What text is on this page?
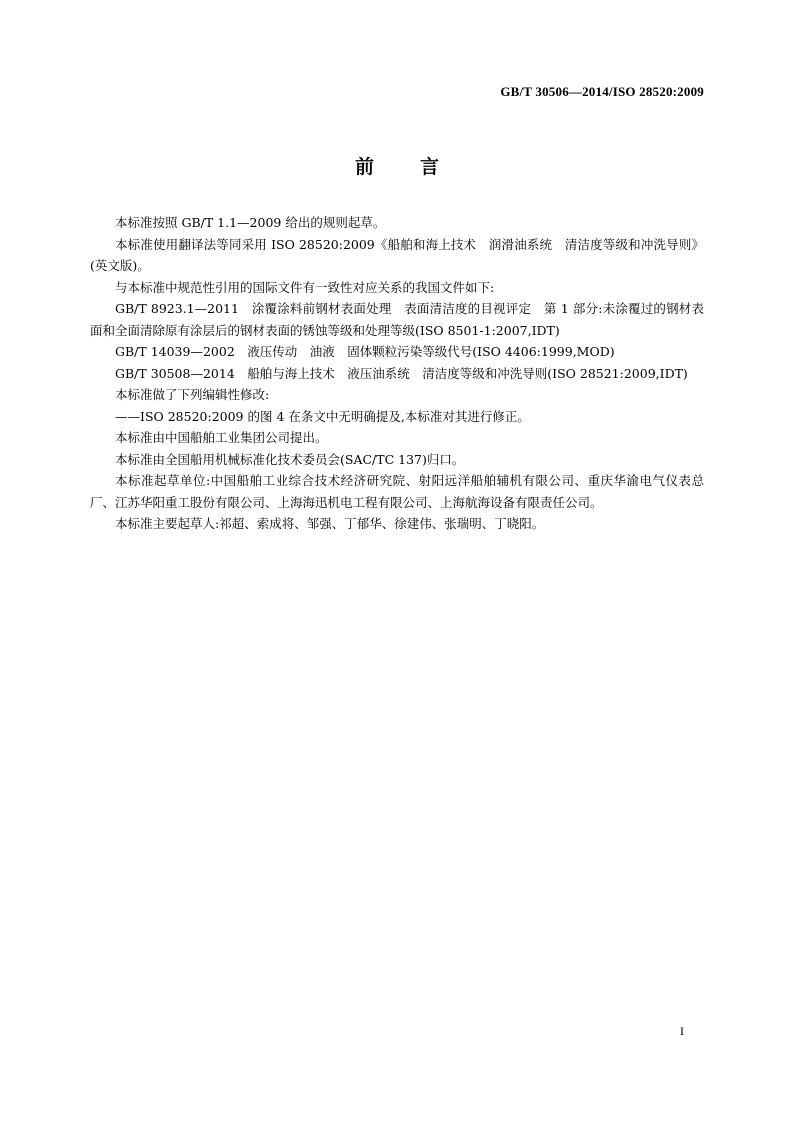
GB/T 30506—2014/ISO 28520:2009
前言

本标准按照 GB/T 1.1—2009 给出的规则起草。

本标准使用翻译法等同采用 ISO 28520:2009《船舶和海上技术　润滑油系统　清洁度等级和冲洗导则》(英文版)。

与本标准中规范性引用的国际文件有一致性对应关系的我国文件如下:

GB/T 8923.1—2011　涂覆涂料前钢材表面处理　表面清洁度的目视评定　第 1 部分:未涂覆过的钢材表面和全面清除原有涂层后的钢材表面的锈蚀等级和处理等级(ISO 8501-1:2007,IDT)

GB/T 14039—2002　液压传动　油液　固体颗粒污染等级代号(ISO 4406:1999,MOD)

GB/T 30508—2014　船舶与海上技术　液压油系统　清洁度等级和冲洗导则(ISO 28521:2009,IDT)

本标准做了下列编辑性修改:

——ISO 28520:2009 的图 4 在条文中无明确提及,本标准对其进行修正。

本标准由中国船舶工业集团公司提出。

本标准由全国船用机械标准化技术委员会(SAC/TC 137)归口。

本标准起草单位:中国船舶工业综合技术经济研究院、射阳远洋船舶辅机有限公司、重庆华渝电气仪表总厂、江苏华阳重工股份有限公司、上海海迅机电工程有限公司、上海航海设备有限责任公司。

本标准主要起草人:祁超、索成将、邹强、丁郁华、徐建伟、张瑞明、丁晓阳。

I
